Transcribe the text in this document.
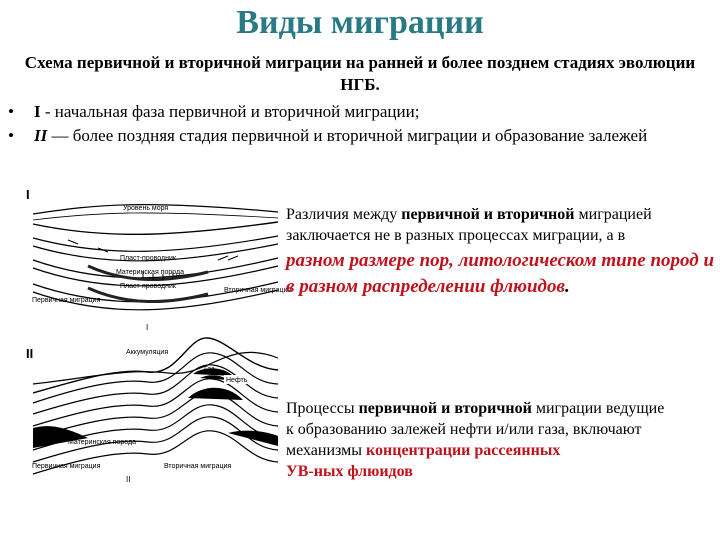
Виды миграции
Схема первичной и вторичной миграции на ранней и более позднем стадиях эволюции НГБ.
• I - начальная фаза первичной и вторичной миграции;
• II — более поздняя стадия первичной и вторичной миграции и образование залежей
I
Уровень моря
Пласт-проводник
Материнская порода
Пласт-проводник
Первичная миграция
Вторичная миграция
I
II	Аккумуляция
Газ
Нефть
Материнская порода
Первичная миграция	Вторичная миграция
II
Различия между первичной и вторичной миграцией заключается не в разных процессах миграции, а в
разном размере пор, литологическом типе пород и в разном распределении флюидов.
Процессы первичной и вторичной миграции ведущие
к образованию залежей нефти и/или газа, включают
механизмы концентрации рассеянных
УВ-ных флюидов
